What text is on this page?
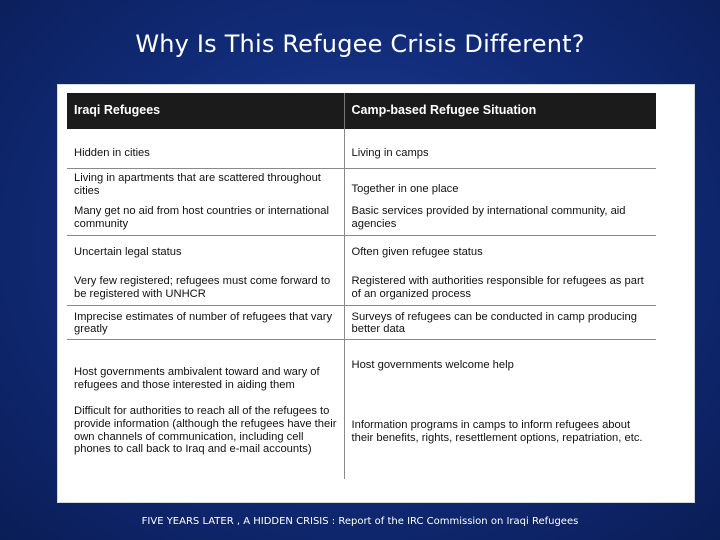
Why Is This Refugee Crisis Different?
Iraqi Refugees	Camp-based Refugee Situation
Hidden in cities	Living in camps
Living in apartments that are scattered throughout cities	Together in one place
Many get no aid from host countries or international community	Basic services provided by international community, aid agencies
Uncertain legal status	Often given refugee status
Very few registered; refugees must come forward to be registered with UNHCR	Registered with authorities responsible for refugees as part of an organized process
Imprecise estimates of number of refugees that vary greatly	Surveys of refugees can be conducted in camp producing better data
Host governments ambivalent toward and wary of refugees and those interested in aiding them	Host governments welcome help
Difficult for authorities to reach all of the refugees to provide information (although the refugees have their own channels of communication, including cell phones to call back to Iraq and e-mail accounts)	Information programs in camps to inform refugees about their benefits, rights, resettlement options, repatriation, etc.
FIVE YEARS LATER , A HIDDEN CRISIS : Report of the IRC Commission on Iraqi Refugees
